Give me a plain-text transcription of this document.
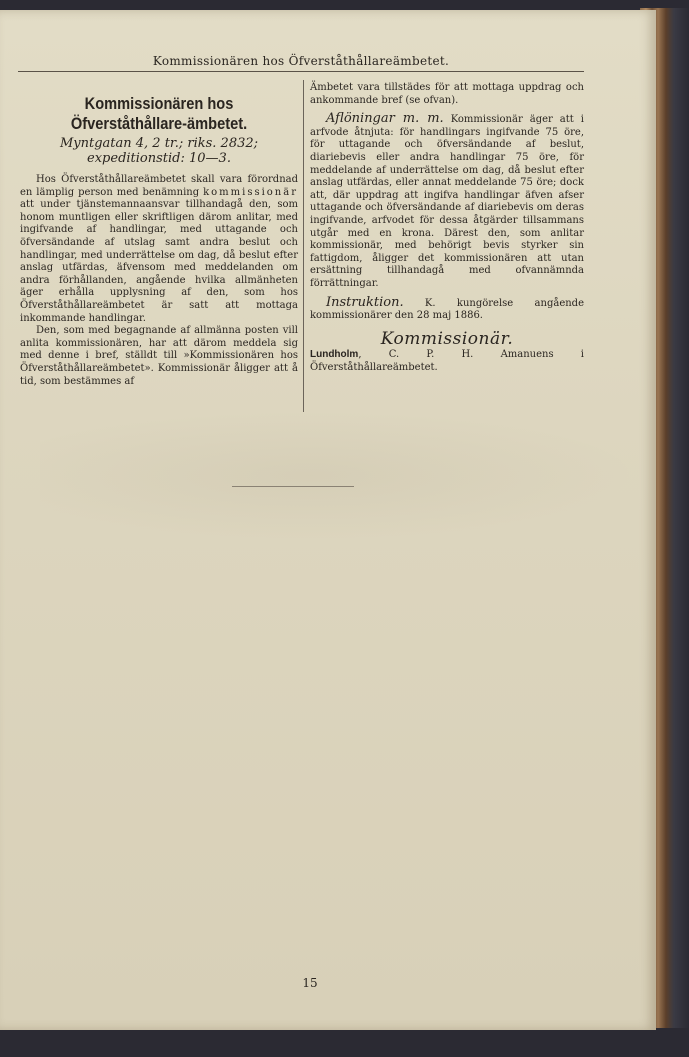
Kommissionären hos Öfverståthållareämbetet.
Kommissionären hos Öfverståthållare-ämbetet.
Myntgatan 4, 2 tr.; riks. 2832; expeditionstid: 10—3.

Hos Öfverståthållareämbetet skall vara förordnad en lämplig person med benämning kommissionär att under tjänstemannaansvar tillhandagå den, som honom muntligen eller skriftligen därom anlitar, med ingifvande af handlingar, med uttagande och öfversändande af utslag samt andra beslut och handlingar, med underrättelse om dag, då beslut efter anslag utfärdas, äfvensom med meddelanden om andra förhållanden, angående hvilka allmänheten äger erhålla upplysning af den, som hos Öfverståthållareämbetet är satt att mottaga inkommande handlingar.

Den, som med begagnande af allmänna posten vill anlita kommissionären, har att därom meddela sig med denne i bref, ställdt till »Kommissionären hos Öfverståthållareämbetet». Kommissionär åligger att å tid, som bestämmes af

Ämbetet vara tillstädes för att mottaga uppdrag och ankommande bref (se ofvan).

Aflöningar m. m. Kommissionär äger att i arfvode åtnjuta: för handlingars ingifvande 75 öre, för uttagande och öfversändande af beslut, diariebevis eller andra handlingar 75 öre, för meddelande af underrättelse om dag, då beslut efter anslag utfärdas, eller annat meddelande 75 öre; dock att, där uppdrag att ingifva handlingar äfven afser uttagande och öfversändande af diariebevis om deras ingifvande, arfvodet för dessa åtgärder tillsammans utgår med en krona. Därest den, som anlitar kommissionär, med behörigt bevis styrker sin fattigdom, åligger det kommissionären att utan ersättning tillhandagå med ofvannämnda förrättningar.

Instruktion. K. kungörelse angående kommissionärer den 28 maj 1886.

Kommissionär.

Lundholm, C. P. H. Amanuens i Öfverståthållareämbetet.

15
